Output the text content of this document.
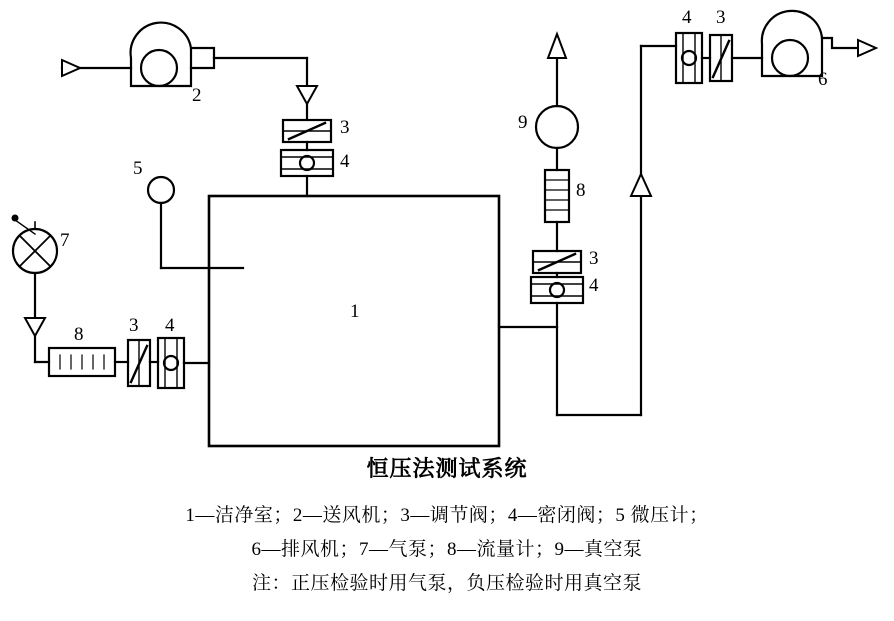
2
3
4
5
1
7
8 3 4
3
4
8
9
4 3
6
恒压法测试系统
1—洁净室；2—送风机；3—调节阀；4—密闭阀；5 微压计；
6—排风机；7—气泵；8—流量计；9—真空泵
注：正压检验时用气泵，负压检验时用真空泵
